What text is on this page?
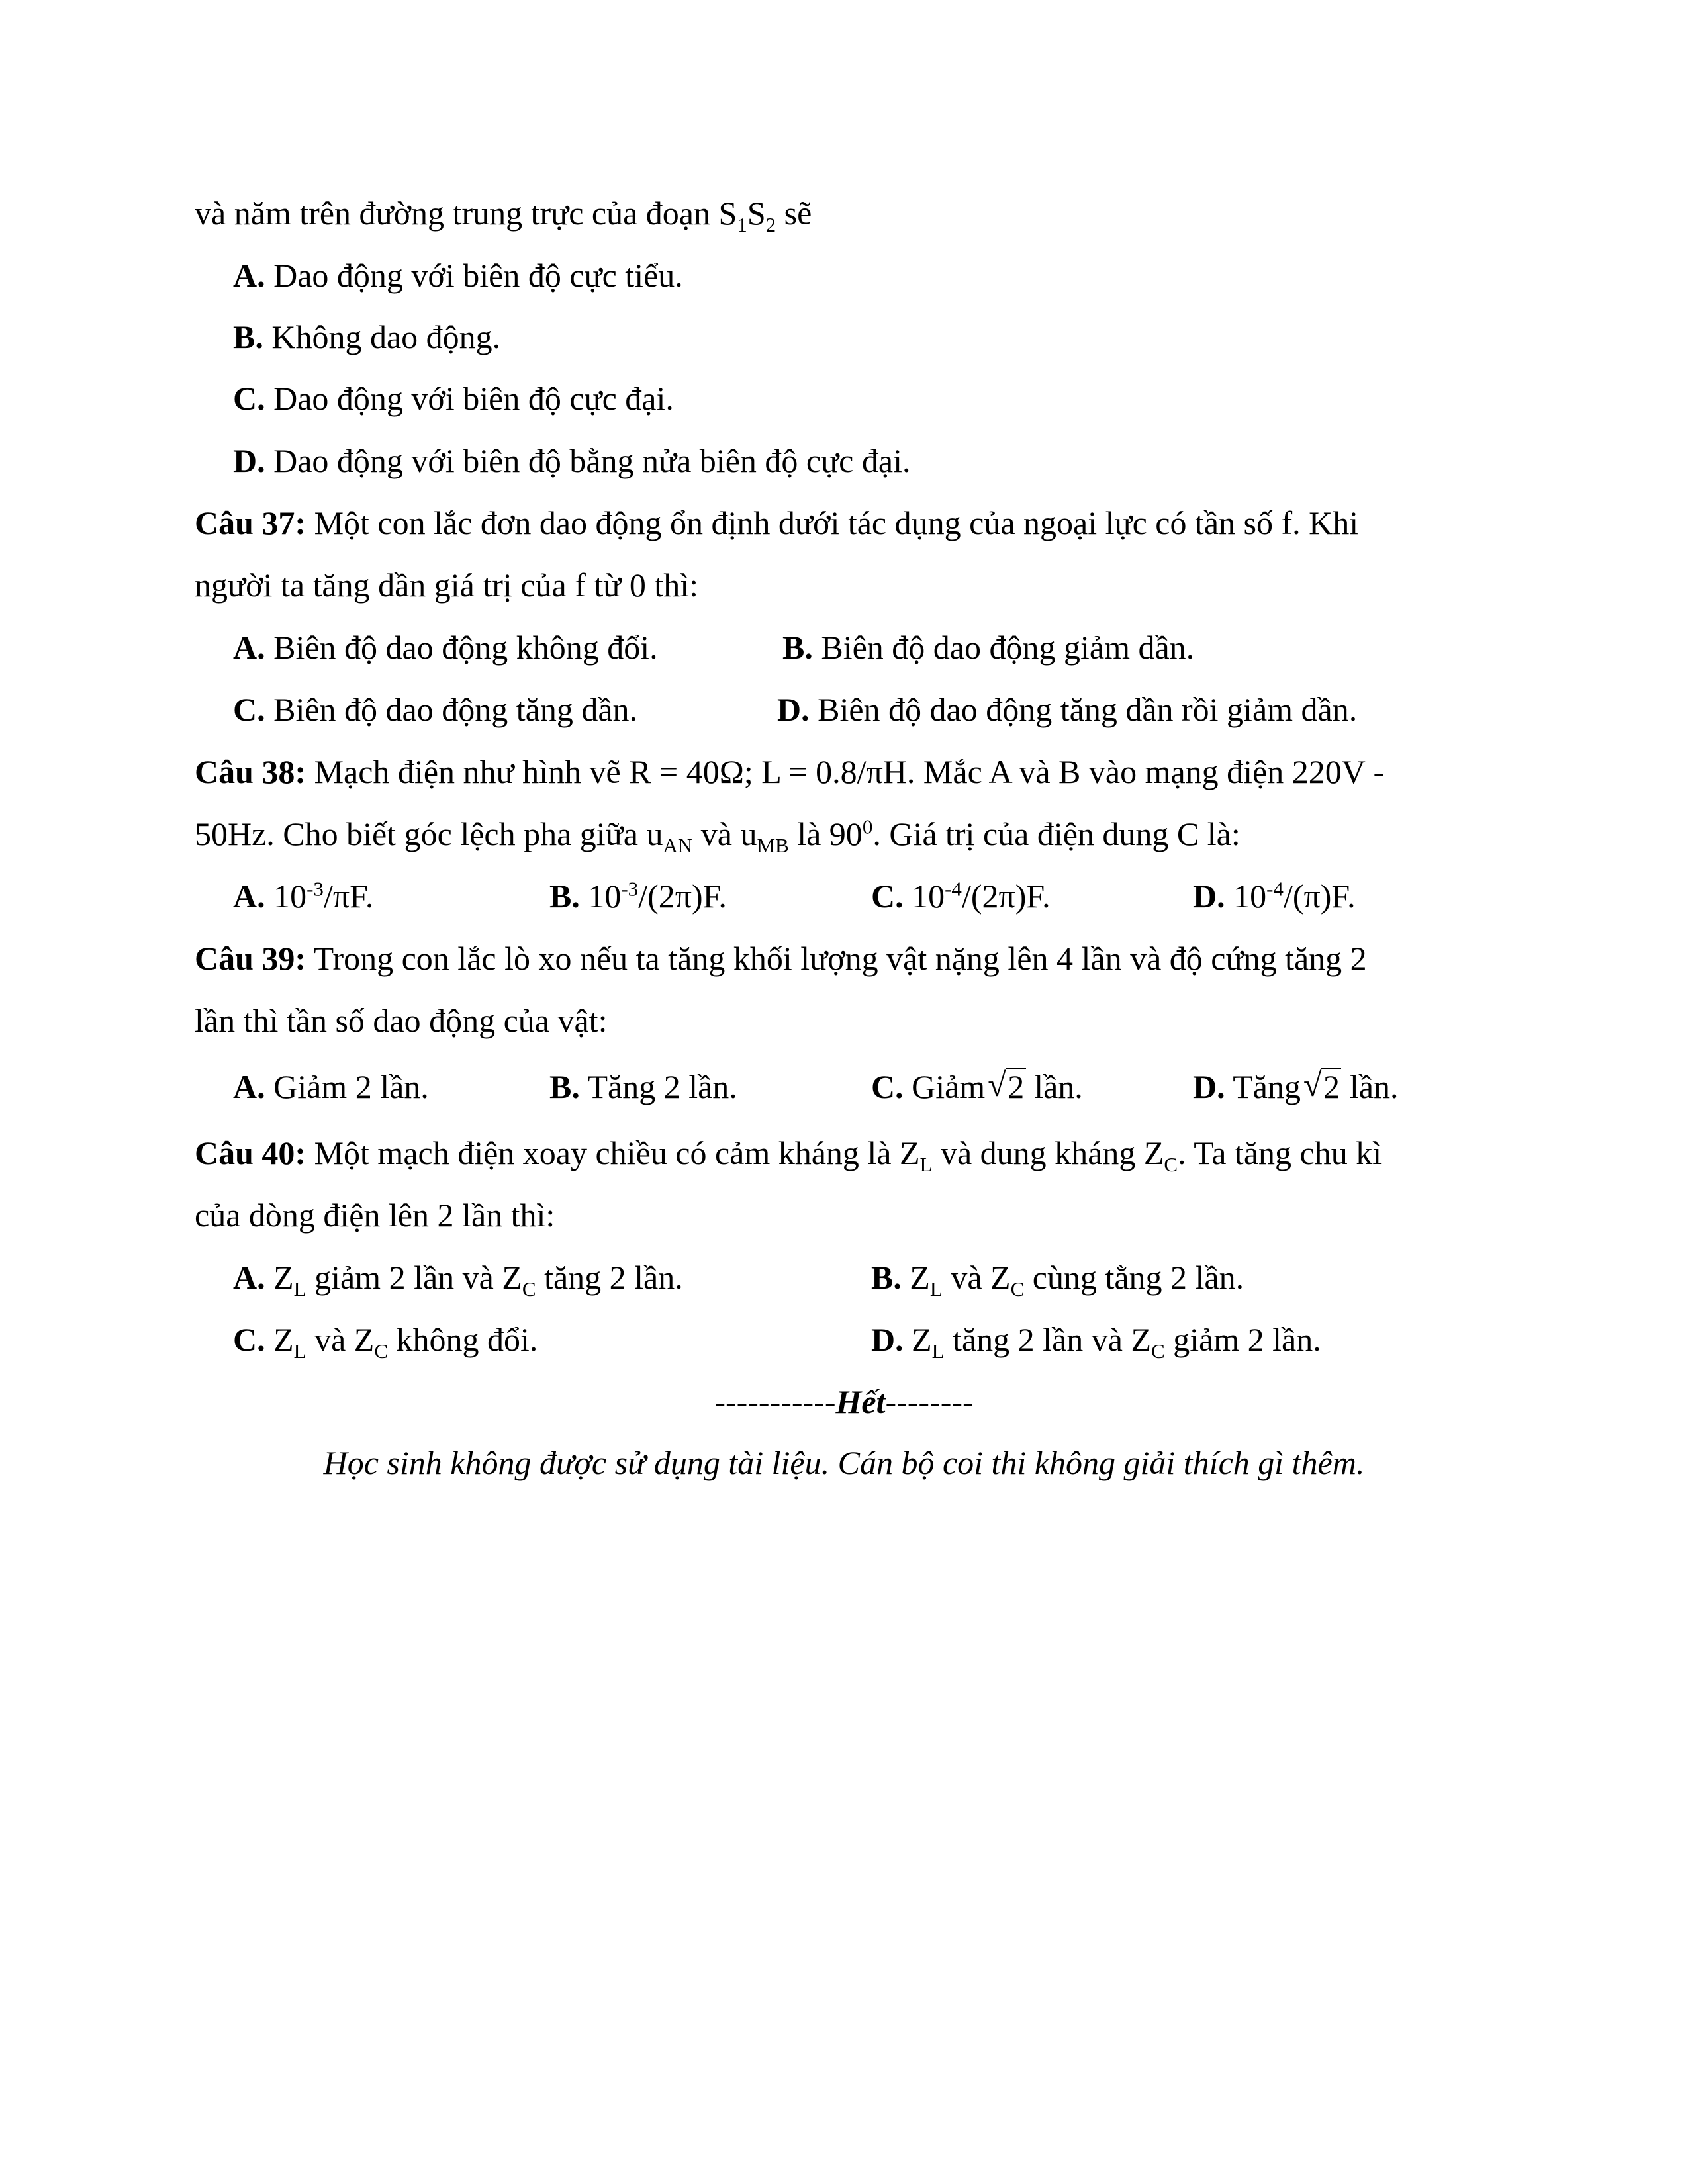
và năm trên đường trung trực của đoạn $S_1S_2$ sẽ
A. Dao động với biên độ cực tiểu.
B. Không dao động.
C. Dao động với biên độ cực đại.
D. Dao động với biên độ bằng nửa biên độ cực đại.
Câu 37: Một con lắc đơn dao động ổn định dưới tác dụng của ngoại lực có tần số f. Khi
người ta tăng dần giá trị của f từ 0 thì:
A. Biên độ dao động không đổi.	B. Biên độ dao động giảm dần.
C. Biên độ dao động tăng dần.	D. Biên độ dao động tăng dần rồi giảm dần.
Câu 38: Mạch điện như hình vẽ R = 40Ω; L = 0.8/πH. Mắc A và B vào mạng điện 220V -
50Hz. Cho biết góc lệch pha giữa $u_{AN}$ và $u_{MB}$ là $90^0$. Giá trị của điện dung C là:
A. $10^{-3}/\pi F$.	B. $10^{-3}/(2\pi)F$.	C. $10^{-4}/(2\pi)F$.	D. $10^{-4}/(\pi)F$.
Câu 39: Trong con lắc lò xo nếu ta tăng khối lượng vật nặng lên 4 lần và độ cứng tăng 2
lần thì tần số dao động của vật:
A. Giảm 2 lần.	B. Tăng 2 lần.	C. Giảm √ 2 lần.	D. Tăng √ 2 lần.
Câu 40: Một mạch điện xoay chiều có cảm kháng là $Z_L$ và dung kháng $Z_C$. Ta tăng chu kì
của dòng điện lên 2 lần thì:
A. $Z_L$ giảm 2 lần và $Z_C$ tăng 2 lần.	B. $Z_L$ và $Z_C$ cùng tằng 2 lần.
C. $Z_L$ và $Z_C$ không đổi.	D. $Z_L$ tăng 2 lần và $Z_C$ giảm 2 lần.
-----------Hết--------
Học sinh không được sử dụng tài liệu. Cán bộ coi thi không giải thích gì thêm.
